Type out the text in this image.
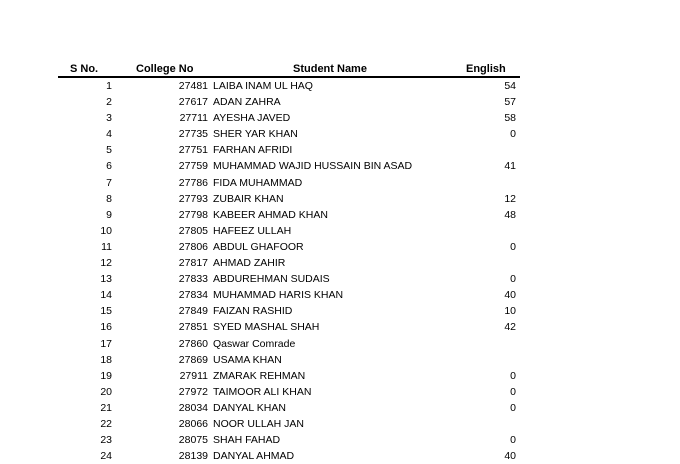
S No.	College No	Student Name	English
1	27481 LAIBA INAM UL HAQ	54
2	27617 ADAN ZAHRA	57
3	27711 AYESHA JAVED	58
4	27735 SHER YAR KHAN	0
5	27751 FARHAN AFRIDI
6	27759 MUHAMMAD WAJID HUSSAIN BIN ASAD	41
7	27786 FIDA MUHAMMAD
8	27793 ZUBAIR KHAN	12
9	27798 KABEER AHMAD KHAN	48
10	27805 HAFEEZ ULLAH
11	27806 ABDUL GHAFOOR	0
12	27817 AHMAD ZAHIR
13	27833 ABDUREHMAN SUDAIS	0
14	27834 MUHAMMAD HARIS KHAN	40
15	27849 FAIZAN RASHID	10
16	27851 SYED MASHAL SHAH	42
17	27860 Qaswar Comrade
18	27869 USAMA KHAN
19	27911 ZMARAK REHMAN	0
20	27972 TAIMOOR ALI KHAN	0
21	28034 DANYAL KHAN	0
22	28066 NOOR ULLAH JAN
23	28075 SHAH FAHAD	0
24	28139 DANYAL AHMAD	40
